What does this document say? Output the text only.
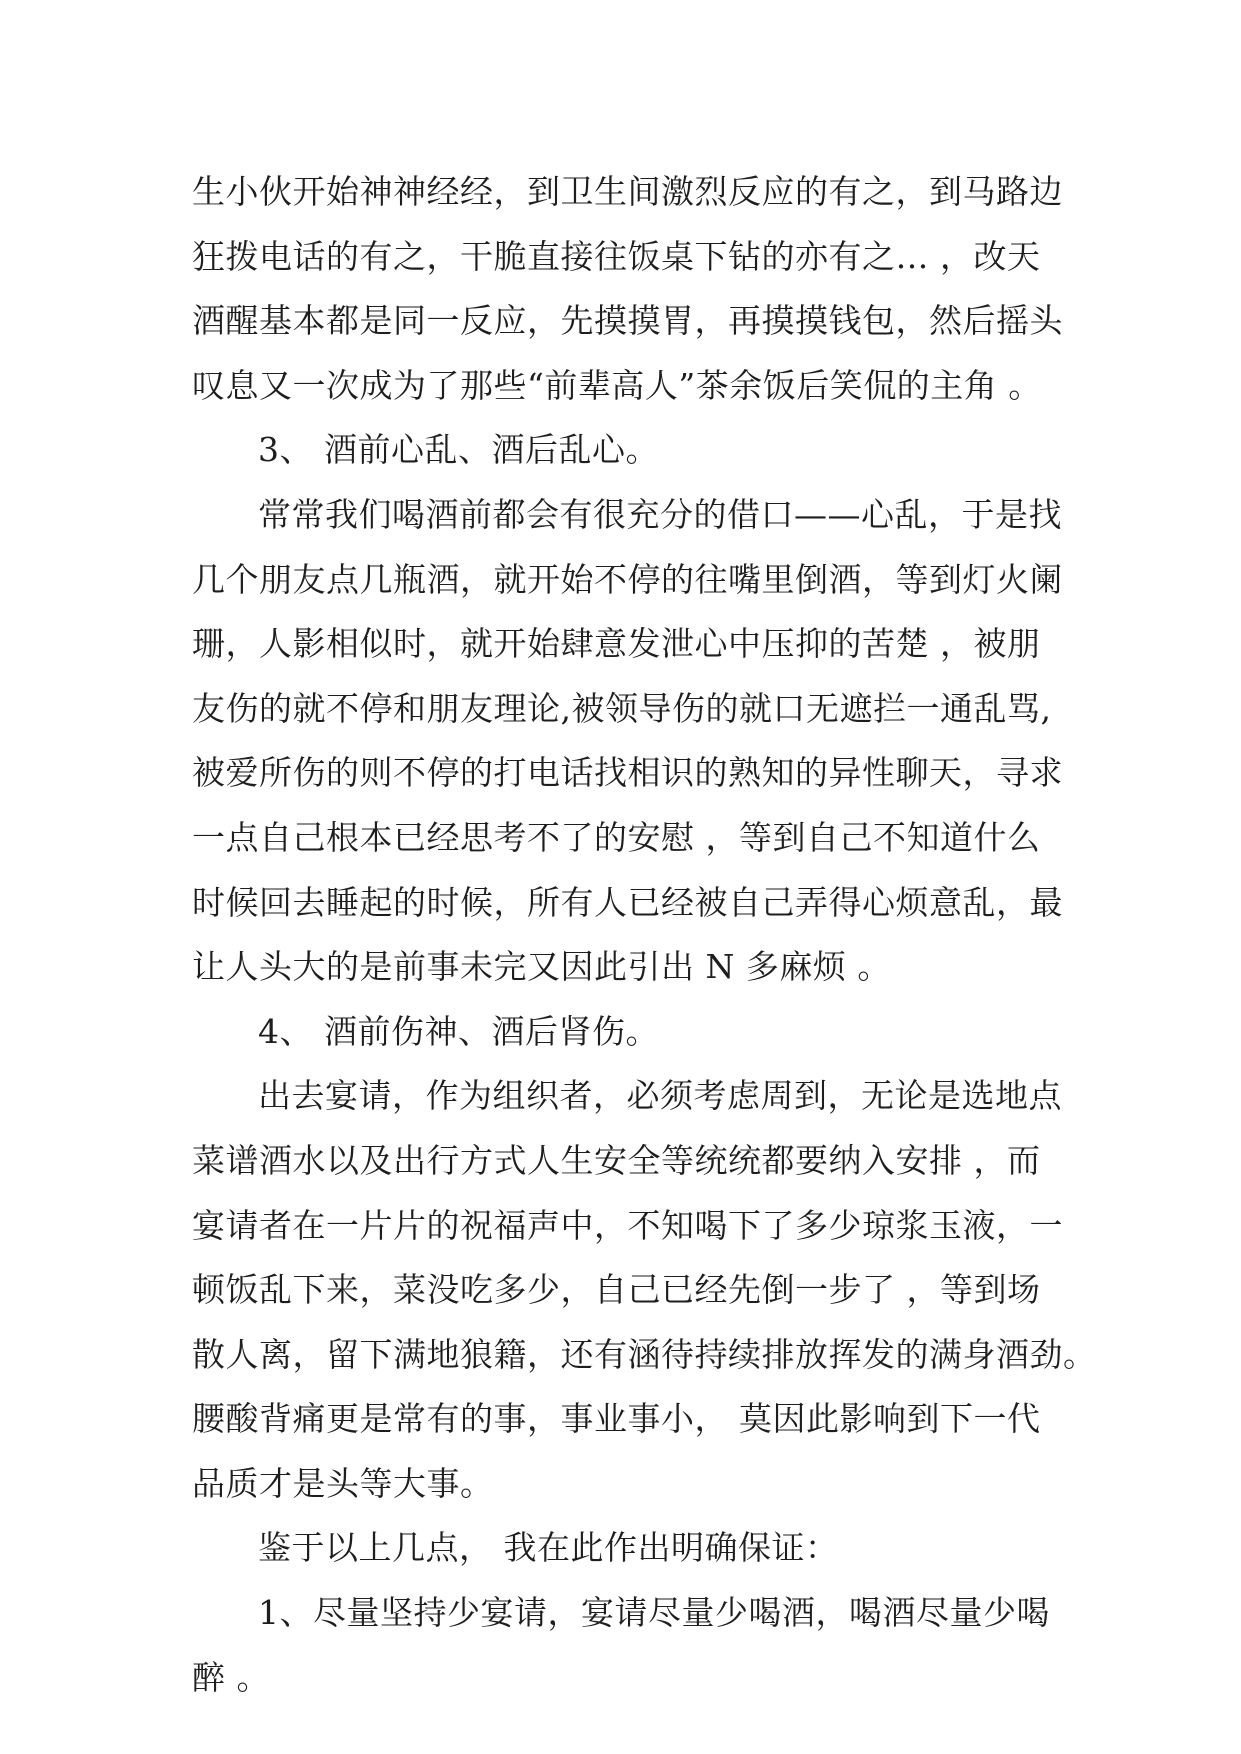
生小伙开始神神经经，到卫生间激烈反应的有之，到马路边
狂拨电话的有之，干脆直接往饭桌下钻的亦有之… ，改天
酒醒基本都是同一反应，先摸摸胃，再摸摸钱包，然后摇头
叹息又一次成为了那些“前辈高人”茶余饭后笑侃的主角 。
3、 酒前心乱、酒后乱心。
常常我们喝酒前都会有很充分的借口——心乱，于是找
几个朋友点几瓶酒，就开始不停的往嘴里倒酒，等到灯火阑
珊，人影相似时，就开始肆意发泄心中压抑的苦楚 ，被朋
友伤的就不停和朋友理论,被领导伤的就口无遮拦一通乱骂,
被爱所伤的则不停的打电话找相识的熟知的异性聊天，寻求
一点自己根本已经思考不了的安慰 ，等到自己不知道什么
时候回去睡起的时候，所有人已经被自己弄得心烦意乱，最
让人头大的是前事未完又因此引出 N 多麻烦 。
4、 酒前伤神、酒后肾伤。
出去宴请，作为组织者，必须考虑周到，无论是选地点
菜谱酒水以及出行方式人生安全等统统都要纳入安排 ，而
宴请者在一片片的祝福声中，不知喝下了多少琼浆玉液，一
顿饭乱下来，菜没吃多少，自己已经先倒一步了 ，等到场
散人离，留下满地狼籍，还有涵待持续排放挥发的满身酒劲。
腰酸背痛更是常有的事，事业事小， 莫因此影响到下一代
品质才是头等大事。
鉴于以上几点， 我在此作出明确保证：
1、尽量坚持少宴请，宴请尽量少喝酒，喝酒尽量少喝
醉 。
